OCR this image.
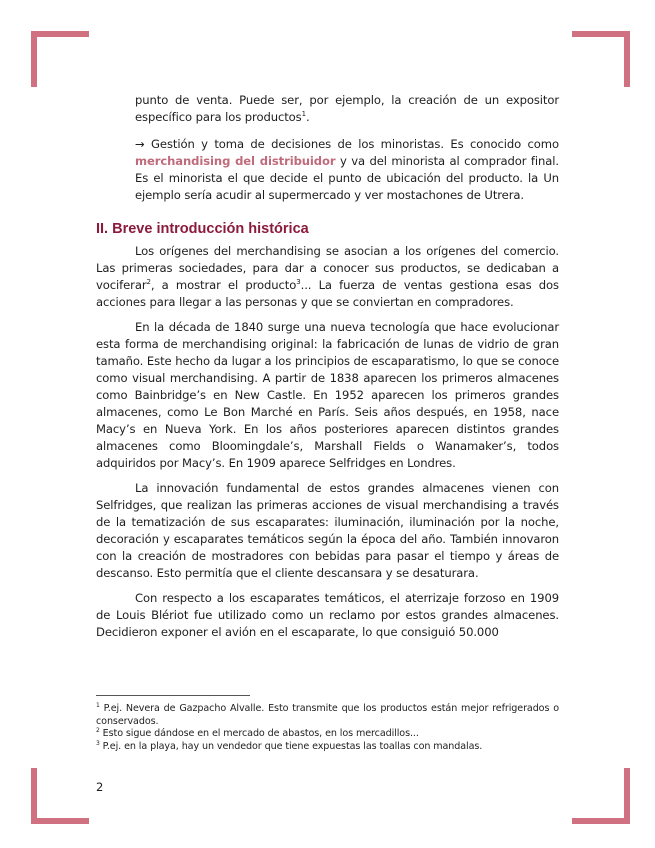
punto de venta. Puede ser, por ejemplo, la creación de un expositor específico para los productos$^1$.

→ Gestión y toma de decisiones de los minoristas. Es conocido como merchandising del distribuidor y va del minorista al comprador final. Es el minorista el que decide el punto de ubicación del producto. la Un ejemplo sería acudir al supermercado y ver mostachones de Utrera.

II. Breve introducción histórica

Los orígenes del merchandising se asocian a los orígenes del comercio. Las primeras sociedades, para dar a conocer sus productos, se dedicaban a vociferar$^2$, a mostrar el producto$^3$... La fuerza de ventas gestiona esas dos acciones para llegar a las personas y que se conviertan en compradores.

En la década de 1840 surge una nueva tecnología que hace evolucionar esta forma de merchandising original: la fabricación de lunas de vidrio de gran tamaño. Este hecho da lugar a los principios de escaparatismo, lo que se conoce como visual merchandising. A partir de 1838 aparecen los primeros almacenes como Bainbridge’s en New Castle. En 1952 aparecen los primeros grandes almacenes, como Le Bon Marché en París. Seis años después, en 1958, nace Macy’s en Nueva York. En los años posteriores aparecen distintos grandes almacenes como Bloomingdale’s, Marshall Fields o Wanamaker’s, todos adquiridos por Macy’s. En 1909 aparece Selfridges en Londres.

La innovación fundamental de estos grandes almacenes vienen con Selfridges, que realizan las primeras acciones de visual merchandising a través de la tematización de sus escaparates: iluminación, iluminación por la noche, decoración y escaparates temáticos según la época del año. También innovaron con la creación de mostradores con bebidas para pasar el tiempo y áreas de descanso. Esto permitía que el cliente descansara y se desaturara.

Con respecto a los escaparates temáticos, el aterrizaje forzoso en 1909 de Louis Blériot fue utilizado como un reclamo por estos grandes almacenes. Decidieron exponer el avión en el escaparate, lo que consiguió 50.000

$^1$ P.ej. Nevera de Gazpacho Alvalle. Esto transmite que los productos están mejor refrigerados o conservados.

$^2$ Esto sigue dándose en el mercado de abastos, en los mercadillos...

$^3$ P.ej. en la playa, hay un vendedor que tiene expuestas las toallas con mandalas.

2
